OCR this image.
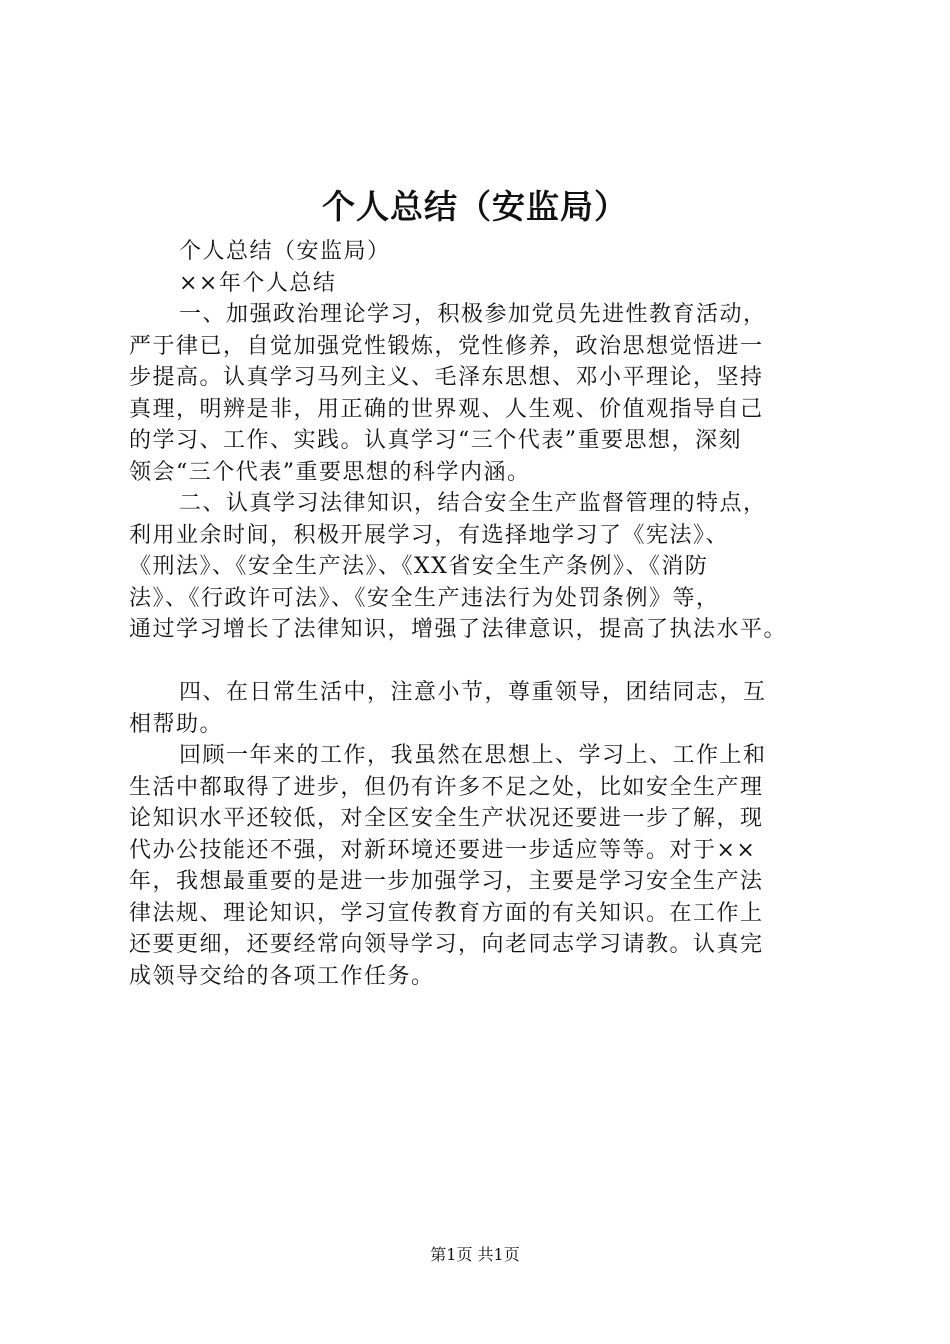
个人总结（安监局）
个人总结（安监局）
××年个人总结
一、加强政治理论学习，积极参加党员先进性教育活动，
严于律已，自觉加强党性锻炼，党性修养，政治思想觉悟进一
步提高。认真学习马列主义、毛泽东思想、邓小平理论，坚持
真理，明辨是非，用正确的世界观、人生观、价值观指导自己
的学习、工作、实践。认真学习“三个代表”重要思想，深刻
领会“三个代表”重要思想的科学内涵。
二、认真学习法律知识，结合安全生产监督管理的特点，
利用业余时间，积极开展学习，有选择地学习了《宪法》、
《刑法》、《安全生产法》、《XX省安全生产条例》、《消防
法》、《行政许可法》、《安全生产违法行为处罚条例》等，
通过学习增长了法律知识，增强了法律意识，提高了执法水平。
四、在日常生活中，注意小节，尊重领导，团结同志，互
相帮助。
回顾一年来的工作，我虽然在思想上、学习上、工作上和
生活中都取得了进步，但仍有许多不足之处，比如安全生产理
论知识水平还较低，对全区安全生产状况还要进一步了解，现
代办公技能还不强，对新环境还要进一步适应等等。对于××
年，我想最重要的是进一步加强学习，主要是学习安全生产法
律法规、理论知识，学习宣传教育方面的有关知识。在工作上
还要更细，还要经常向领导学习，向老同志学习请教。认真完
成领导交给的各项工作任务。
第1页 共1页
